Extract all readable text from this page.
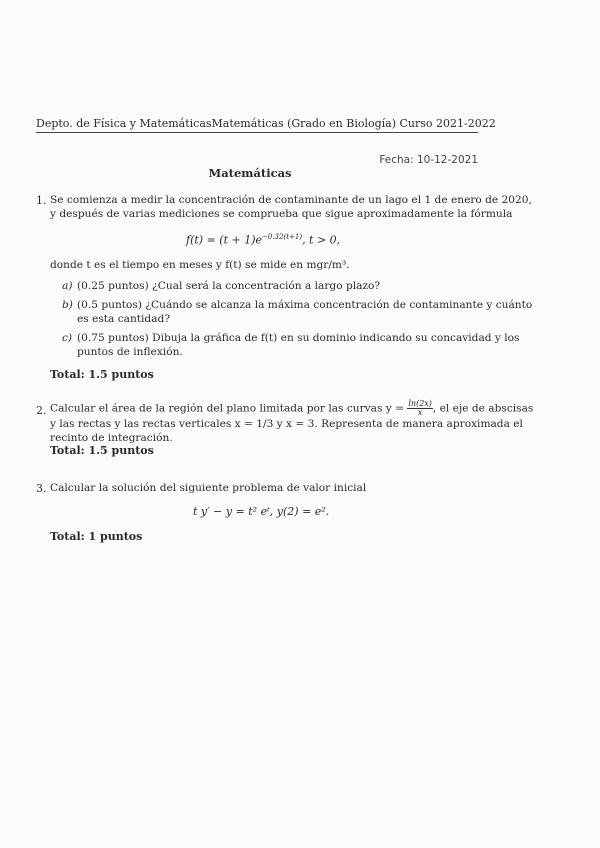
Depto. de Física y Matemáticas Matemáticas (Grado en Biología) Curso 2021-2022
Fecha: 10-12-2021
Matemáticas
1. Se comienza a medir la concentración de contaminante de un lago el 1 de enero de 2020,
y después de varias mediciones se comprueba que sigue aproximadamente la fórmula
$f(t) = (t + 1)e^{-0.32(t+1)}$, t > 0,
donde t es el tiempo en meses y f(t) se mide en mgr/m³.
a) (0.25 puntos) ¿Cual será la concentración a largo plazo?
b) (0.5 puntos) ¿Cuándo se alcanza la máxima concentración de contaminante y cuánto
es esta cantidad?
c) (0.75 puntos) Dibuja la gráfica de f(t) en su dominio indicando su concavidad y los
puntos de inflexión.
Total: 1.5 puntos
2. Calcular el área de la región del plano limitada por las curvas $y = \frac{\ln(2x)}{x}$ , el eje de abscisas
y las rectas y las rectas verticales x = 1/3 y x = 3. Representa de manera aproximada el
recinto de integración.
Total: 1.5 puntos
3. Calcular la solución del siguiente problema de valor inicial
t y′ − y = t² eᵗ, y(2) = e².
Total: 1 puntos
